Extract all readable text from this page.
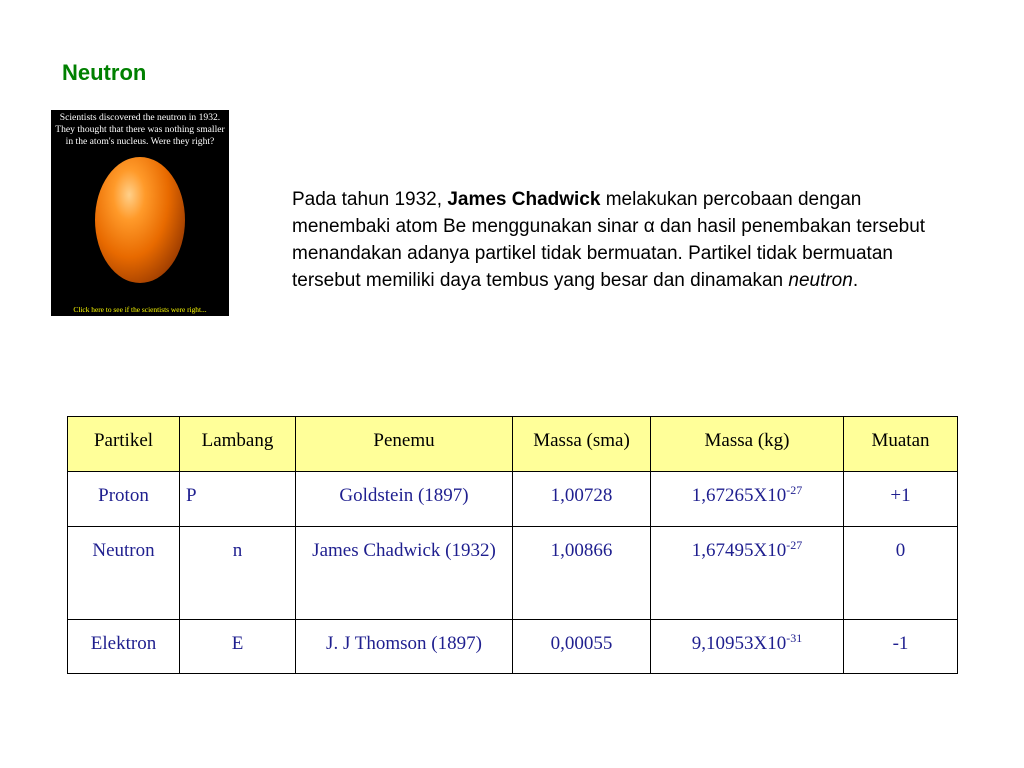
Neutron
Scientists discovered the neutron in 1932. They thought that there was nothing smaller in the atom's nucleus. Were they right?
Click here to see if the scientists were right...
Pada tahun 1932, James Chadwick melakukan percobaan dengan menembaki atom Be menggunakan sinar α dan hasil penembakan tersebut menandakan adanya partikel tidak bermuatan. Partikel tidak bermuatan tersebut memiliki daya tembus yang besar dan dinamakan neutron.
Partikel	Lambang	Penemu	Massa (sma)	Massa (kg)	Muatan
Proton	P	Goldstein (1897)	1,00728	$1,67265X10^{-27}$	+1
Neutron	n	James Chadwick (1932)	1,00866	$1,67495X10^{-27}$	0
Elektron	E	J. J Thomson (1897)	0,00055	$9,10953X10^{-31}$	-1
